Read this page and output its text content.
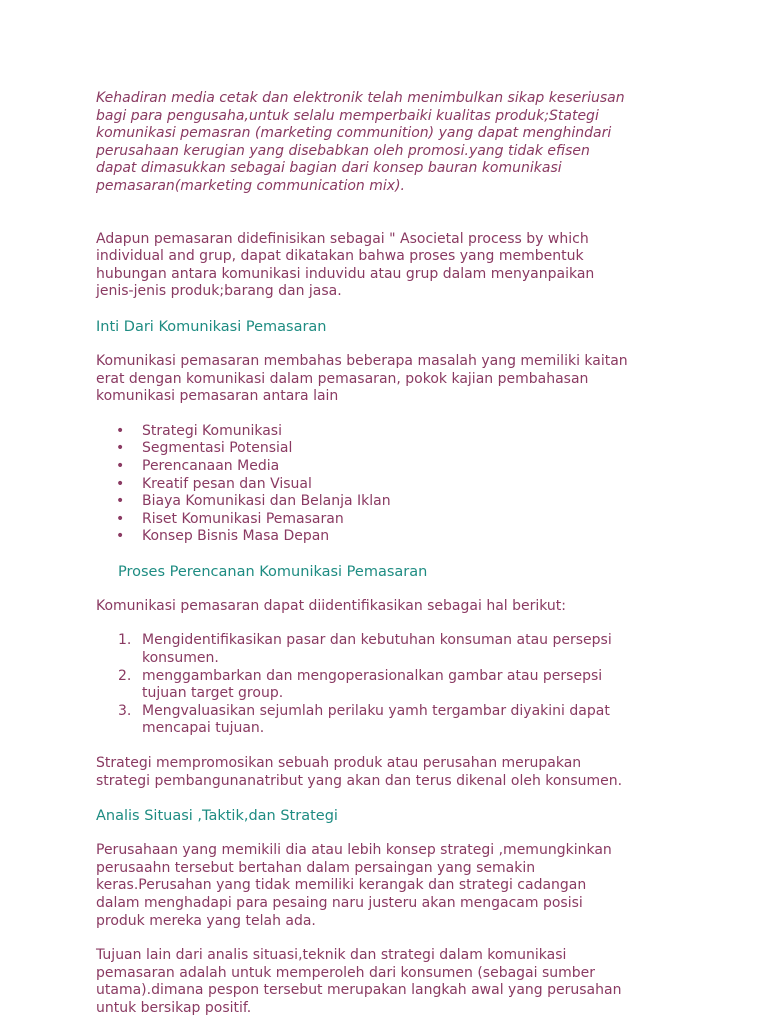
Kehadiran media cetak dan elektronik telah menimbulkan sikap keseriusan
bagi para pengusaha,untuk selalu memperbaiki kualitas produk;Stategi
komunikasi pemasran (marketing communition) yang dapat menghindari
perusahaan kerugian yang disebabkan oleh promosi.yang tidak efisen
dapat dimasukkan sebagai bagian dari konsep bauran komunikasi
pemasaran(marketing communication mix).

Adapun pemasaran didefinisikan sebagai " Asocietal process by which
individual and grup, dapat dikatakan bahwa proses yang membentuk
hubungan antara komunikasi induvidu atau grup dalam menyanpaikan
jenis-jenis produk;barang dan jasa.

Inti Dari Komunikasi Pemasaran

Komunikasi pemasaran membahas beberapa masalah yang memiliki kaitan
erat dengan komunikasi dalam pemasaran, pokok kajian pembahasan
komunikasi pemasaran antara lain

• Strategi Komunikasi
• Segmentasi Potensial
• Perencanaan Media
• Kreatif pesan dan Visual
• Biaya Komunikasi dan Belanja Iklan
• Riset Komunikasi Pemasaran
• Konsep Bisnis Masa Depan
Proses Perencanan Komunikasi Pemasaran

Komunikasi pemasaran dapat diidentifikasikan sebagai hal berikut:

1. Mengidentifikasikan pasar dan kebutuhan konsuman atau persepsi
konsumen.
2. menggambarkan dan mengoperasionalkan gambar atau persepsi
tujuan target group.
3. Mengvaluasikan sejumlah perilaku yamh tergambar diyakini dapat
mencapai tujuan.

Strategi mempromosikan sebuah produk atau perusahan merupakan
strategi pembangunanatribut yang akan dan terus dikenal oleh konsumen.

Analis Situasi ,Taktik,dan Strategi

Perusahaan yang memikili dia atau lebih konsep strategi ,memungkinkan
perusaahn tersebut bertahan dalam persaingan yang semakin
keras.Perusahan yang tidak memiliki kerangak dan strategi cadangan
dalam menghadapi para pesaing naru justeru akan mengacam posisi
produk mereka yang telah ada.

Tujuan lain dari analis situasi,teknik dan strategi dalam komunikasi
pemasaran adalah untuk memperoleh dari konsumen (sebagai sumber
utama).dimana pespon tersebut merupakan langkah awal yang perusahan
untuk bersikap positif.
